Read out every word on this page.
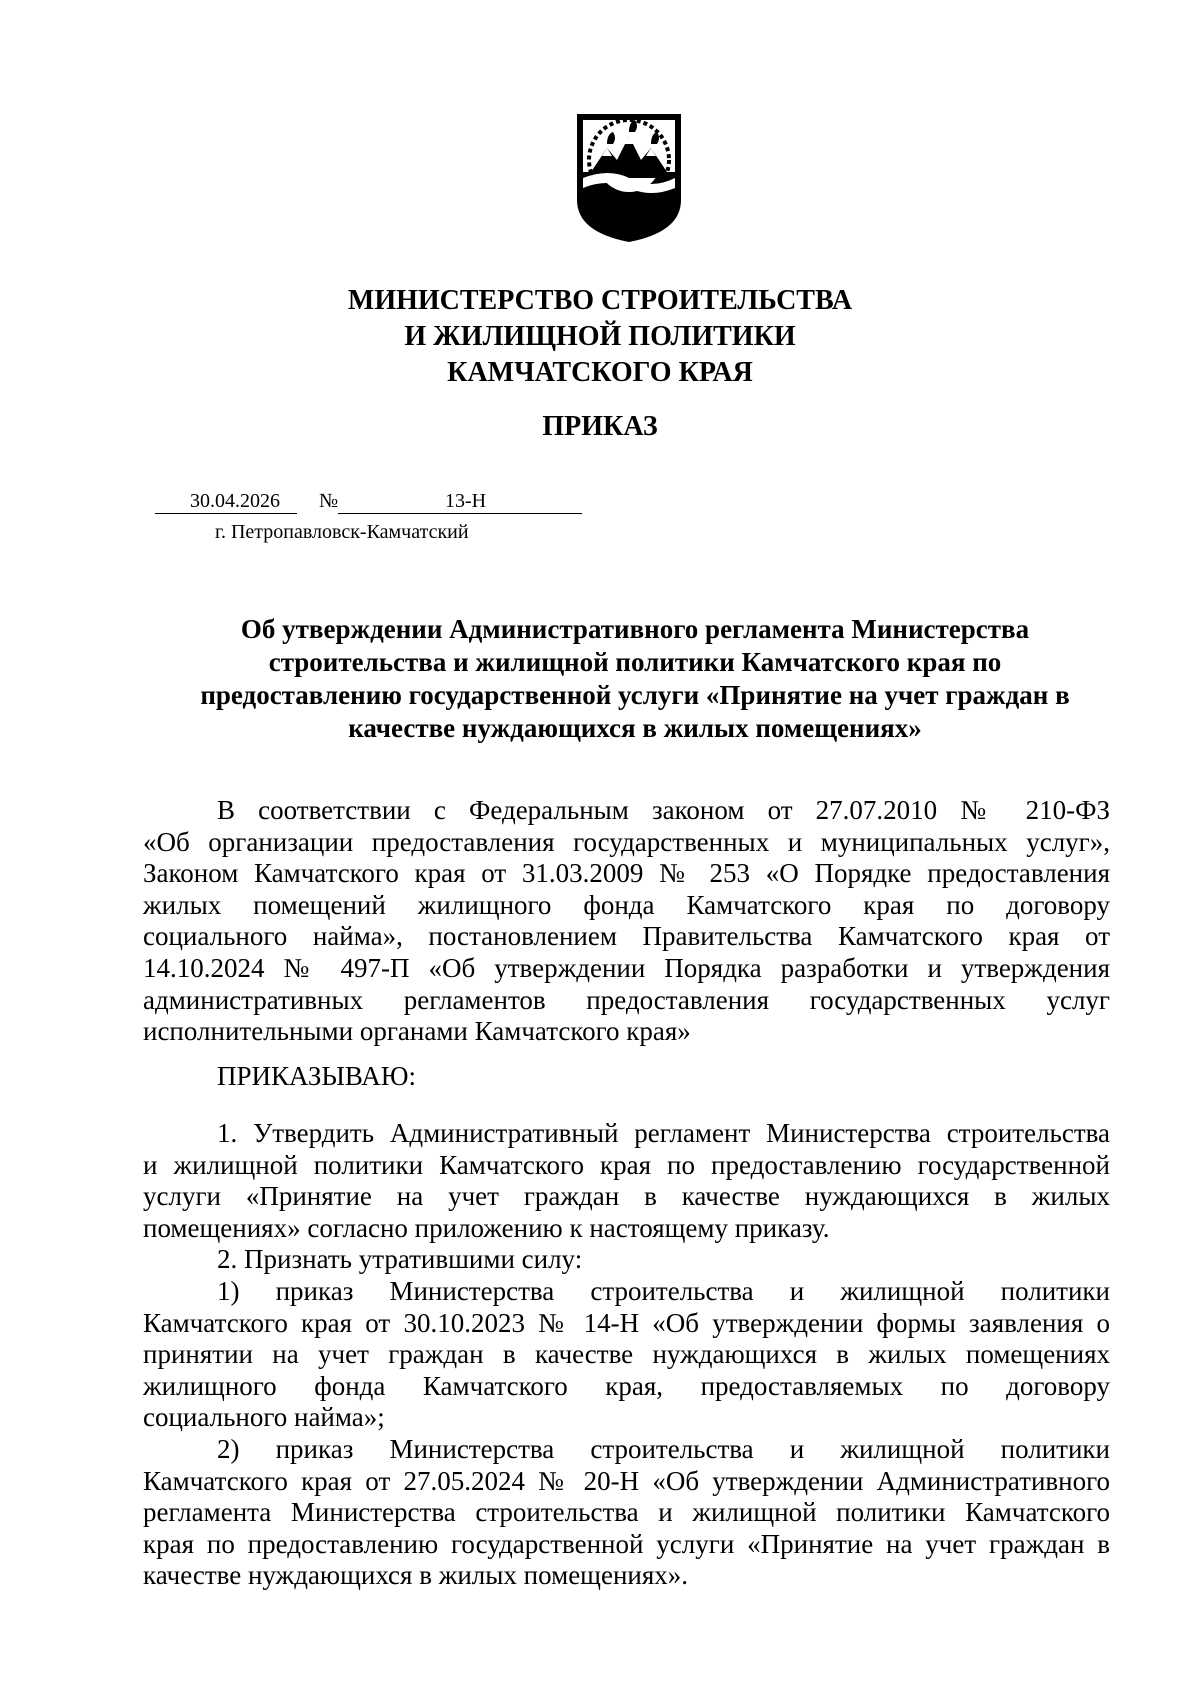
МИНИСТЕРСТВО СТРОИТЕЛЬСТВА
И ЖИЛИЩНОЙ ПОЛИТИКИ
КАМЧАТСКОГО КРАЯ
ПРИКАЗ
30.04.2026 №	13-Н
г. Петропавловск-Камчатский
Об утверждении Административного регламента Министерства
строительства и жилищной политики Камчатского края по
предоставлению государственной услуги «Принятие на учет граждан в
качестве нуждающихся в жилых помещениях»
В соответствии с Федеральным законом от 27.07.2010 № 210-ФЗ
«Об организации предоставления государственных и муниципальных услуг»,
Законом Камчатского края от 31.03.2009 № 253 «О Порядке предоставления
жилых помещений жилищного фонда Камчатского края по договору
социального найма», постановлением Правительства Камчатского края от
14.10.2024 № 497-П «Об утверждении Порядка разработки и утверждения
административных регламентов предоставления государственных услуг
исполнительными органами Камчатского края»
ПРИКАЗЫВАЮ:
1. Утвердить Административный регламент Министерства строительства
и жилищной политики Камчатского края по предоставлению государственной
услуги «Принятие на учет граждан в качестве нуждающихся в жилых
помещениях» согласно приложению к настоящему приказу.
2. Признать утратившими силу:
1) приказ Министерства строительства и жилищной политики
Камчатского края от 30.10.2023 № 14-Н «Об утверждении формы заявления о
принятии на учет граждан в качестве нуждающихся в жилых помещениях
жилищного фонда Камчатского края, предоставляемых по договору
социального найма»;
2) приказ Министерства строительства и жилищной политики
Камчатского края от 27.05.2024 № 20-Н «Об утверждении Административного
регламента Министерства строительства и жилищной политики Камчатского
края по предоставлению государственной услуги «Принятие на учет граждан в
качестве нуждающихся в жилых помещениях».
